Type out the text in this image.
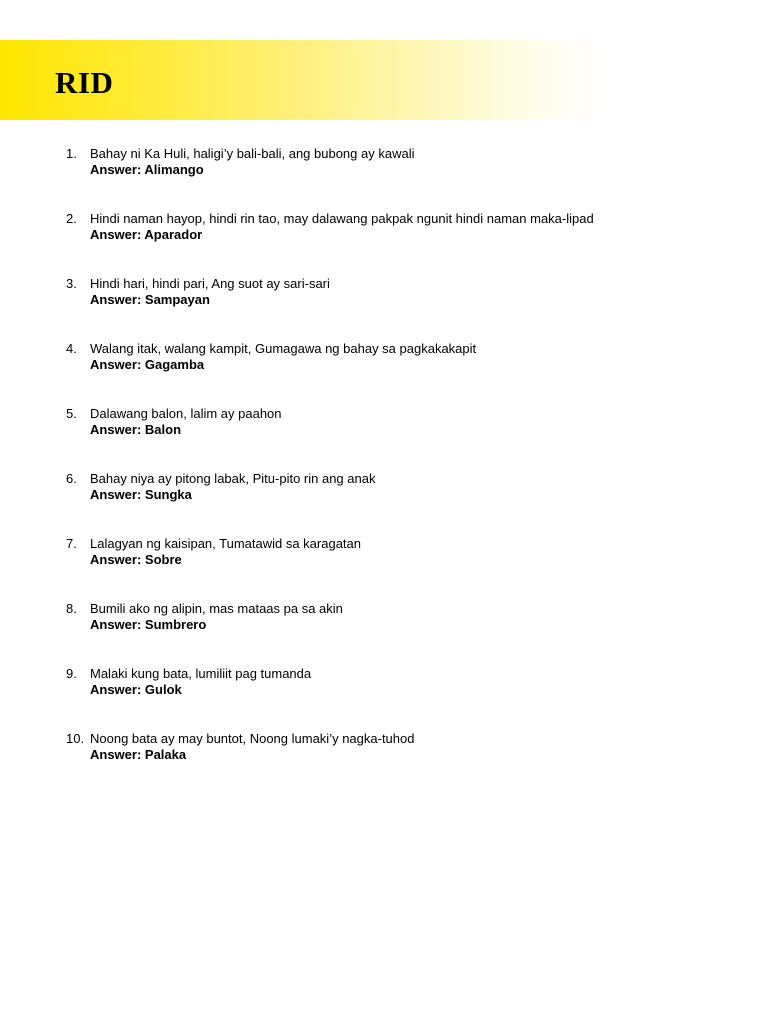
RID
1.	Bahay ni Ka Huli, haligi’y bali-bali, ang bubong ay kawali
Answer: Alimango
2.	Hindi naman hayop, hindi rin tao, may dalawang pakpak ngunit hindi naman maka-lipad
Answer: Aparador
3.	Hindi hari, hindi pari, Ang suot ay sari-sari
Answer: Sampayan
4.	Walang itak, walang kampit, Gumagawa ng bahay sa pagkakakapit
Answer: Gagamba
5.	Dalawang balon, lalim ay paahon
Answer: Balon
6.	Bahay niya ay pitong labak, Pitu-pito rin ang anak
Answer: Sungka
7.	Lalagyan ng kaisipan, Tumatawid sa karagatan
Answer: Sobre
8.	Bumili ako ng alipin, mas mataas pa sa akin
Answer: Sumbrero
9.	Malaki kung bata, lumiliit pag tumanda
Answer: Gulok
10. Noong bata ay may buntot, Noong lumaki’y nagka-tuhod
Answer: Palaka
